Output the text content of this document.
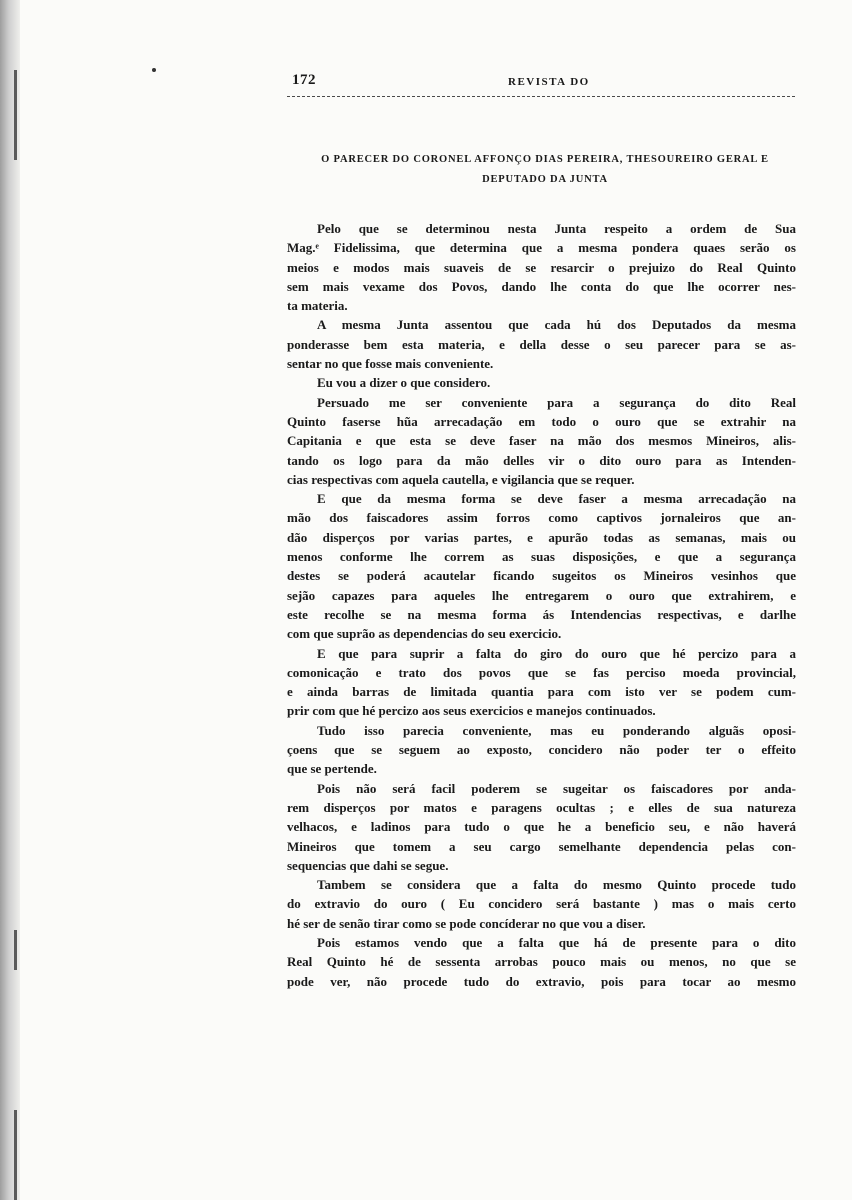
172	REVISTA DO
O PARECER DO CORONEL AFFONÇO DIAS PEREIRA, THESOUREIRO GERAL E
DEPUTADO DA JUNTA

Pelo que se determinou nesta Junta respeito a ordem de Sua
Mag.ᵉ Fidelissima, que determina que a mesma pondera quaes serão os
meios e modos mais suaveis de se resarcir o prejuizo do Real Quinto
sem mais vexame dos Povos, dando lhe conta do que lhe ocorrer nes-
ta materia.

A mesma Junta assentou que cada hú dos Deputados da mesma
ponderasse bem esta materia, e della desse o seu parecer para se as-
sentar no que fosse mais conveniente.

Eu vou a dizer o que considero.

Persuado me ser conveniente para a segurança do dito Real
Quinto faserse hũa arrecadação em todo o ouro que se extrahir na
Capitania e que esta se deve faser na mão dos mesmos Mineiros, alis-
tando os logo para da mão delles vir o dito ouro para as Intenden-
cias respectivas com aquela cautella, e vigilancia que se requer.

E que da mesma forma se deve faser a mesma arrecadação na
mão dos faiscadores assim forros como captivos jornaleiros que an-
dão disperços por varias partes, e apurão todas as semanas, mais ou
menos conforme lhe correm as suas disposições, e que a segurança
destes se poderá acautelar ficando sugeitos os Mineiros vesinhos que
sejão capazes para aqueles lhe entregarem o ouro que extrahirem, e
este recolhe se na mesma forma ás Intendencias respectivas, e darlhe
com que suprão as dependencias do seu exercicio.

E que para suprir a falta do giro do ouro que hé percizo para a
comonicação e trato dos povos que se fas perciso moeda provincial,
e ainda barras de limitada quantia para com isto ver se podem cum-
prir com que hé percizo aos seus exercicios e manejos continuados.

Tudo isso parecia conveniente, mas eu ponderando alguãs oposi-
çoens que se seguem ao exposto, concidero não poder ter o effeito
que se pertende.

Pois não será facil poderem se sugeitar os faiscadores por anda-
rem disperços por matos e paragens ocultas ; e elles de sua natureza
velhacos, e ladinos para tudo o que he a beneficio seu, e não haverá
Mineiros que tomem a seu cargo semelhante dependencia pelas con-
sequencias que dahi se segue.

Tambem se considera que a falta do mesmo Quinto procede tudo
do extravio do ouro ( Eu concidero será bastante ) mas o mais certo
hé ser de senão tirar como se pode concíderar no que vou a diser.

Pois estamos vendo que a falta que há de presente para o dito
Real Quinto hé de sessenta arrobas pouco mais ou menos, no que se
pode ver, não procede tudo do extravio, pois para tocar ao mesmo
